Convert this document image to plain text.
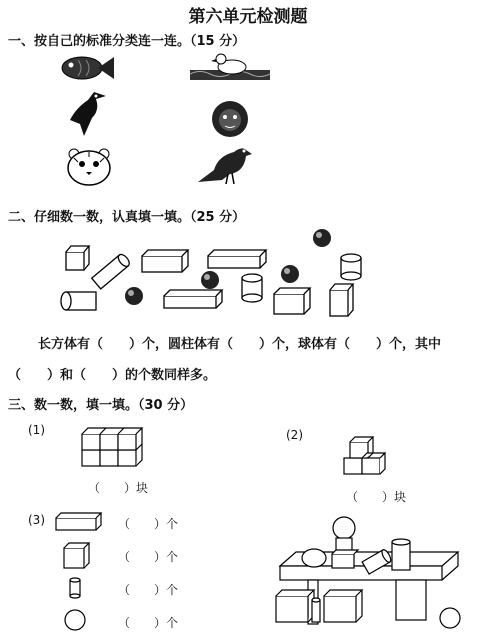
第六单元检测题
一、按自己的标准分类连一连。（15 分）
二、仔细数一数，认真填一填。（25 分）
长方体有（　　）个，圆柱体有（　　）个，球体有（　　）个，其中
（　　）和（　　）的个数同样多。
三、数一数，填一填。（30 分）
(1)
（　　）块
(2)
（　　）块
(3)	（　　）个
（　　）个
（　　）个
（　　）个
